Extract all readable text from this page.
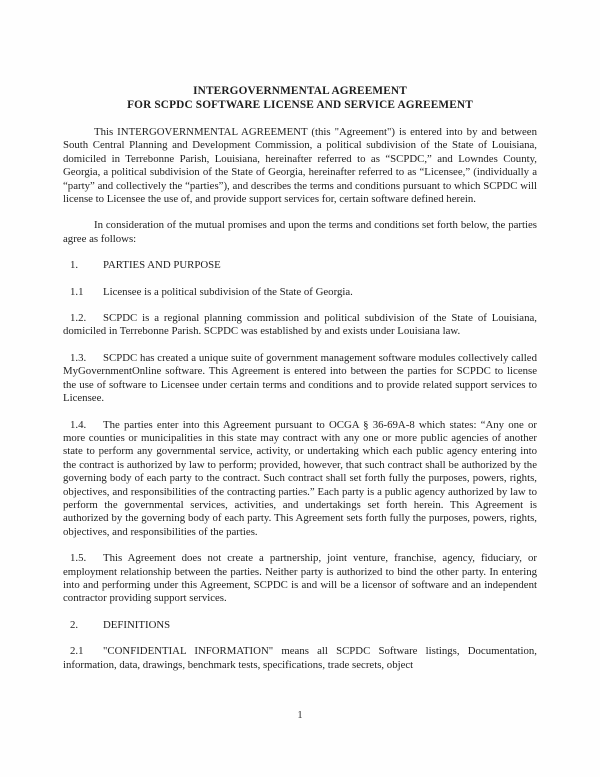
INTERGOVERNMENTAL AGREEMENT
FOR SCPDC SOFTWARE LICENSE AND SERVICE AGREEMENT

This INTERGOVERNMENTAL AGREEMENT (this "Agreement") is entered into by and between South Central Planning and Development Commission, a political subdivision of the State of Louisiana, domiciled in Terrebonne Parish, Louisiana, hereinafter referred to as “SCPDC,” and Lowndes County, Georgia, a political subdivision of the State of Georgia, hereinafter referred to as “Licensee,” (individually a “party” and collectively the “parties”), and describes the terms and conditions pursuant to which SCPDC will license to Licensee the use of, and provide support services for, certain software defined herein.

In consideration of the mutual promises and upon the terms and conditions set forth below, the parties agree as follows:

1. PARTIES AND PURPOSE

1.1 Licensee is a political subdivision of the State of Georgia.

1.2. SCPDC is a regional planning commission and political subdivision of the State of Louisiana, domiciled in Terrebonne Parish. SCPDC was established by and exists under Louisiana law.

1.3. SCPDC has created a unique suite of government management software modules collectively called MyGovernmentOnline software. This Agreement is entered into between the parties for SCPDC to license the use of software to Licensee under certain terms and conditions and to provide related support services to Licensee.

1.4. The parties enter into this Agreement pursuant to OCGA § 36-69A-8 which states: “Any one or more counties or municipalities in this state may contract with any one or more public agencies of another state to perform any governmental service, activity, or undertaking which each public agency entering into the contract is authorized by law to perform; provided, however, that such contract shall be authorized by the governing body of each party to the contract. Such contract shall set forth fully the purposes, powers, rights, objectives, and responsibilities of the contracting parties.” Each party is a public agency authorized by law to perform the governmental services, activities, and undertakings set forth herein. This Agreement is authorized by the governing body of each party. This Agreement sets forth fully the purposes, powers, rights, objectives, and responsibilities of the parties.

1.5. This Agreement does not create a partnership, joint venture, franchise, agency, fiduciary, or employment relationship between the parties. Neither party is authorized to bind the other party. In entering into and performing under this Agreement, SCPDC is and will be a licensor of software and an independent contractor providing support services.

2. DEFINITIONS

2.1 "CONFIDENTIAL INFORMATION" means all SCPDC Software listings, Documentation, information, data, drawings, benchmark tests, specifications, trade secrets, object

1
